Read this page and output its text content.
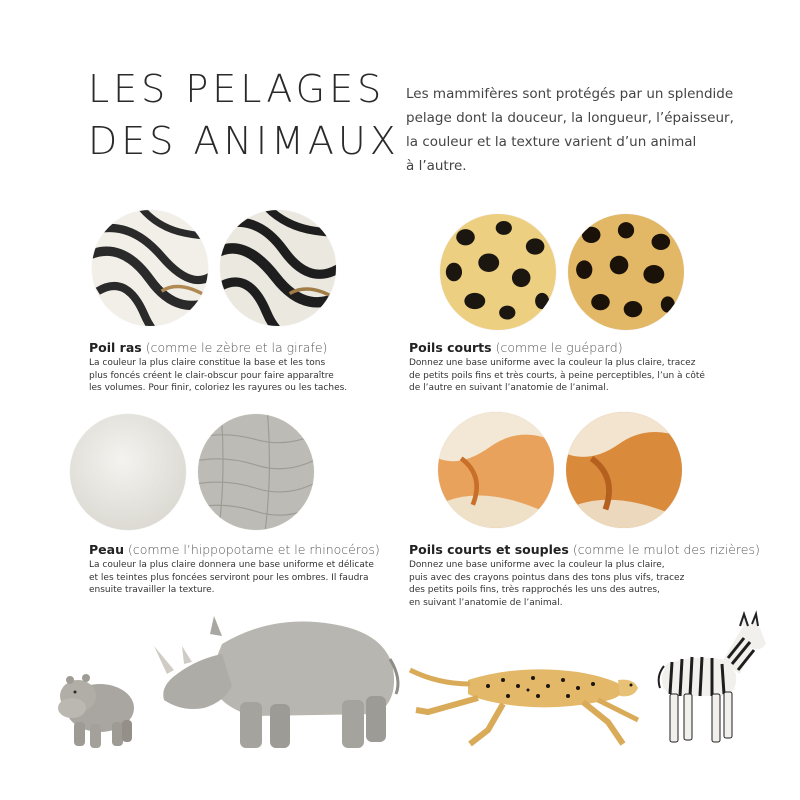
LES PELAGES
DES ANIMAUX
Les mammifères sont protégés par un splendide
pelage dont la douceur, la longueur, l’épaisseur,
la couleur et la texture varient d’un animal
à l’autre.
Poil ras (comme le zèbre et la girafe)
La couleur la plus claire constitue la base et les tons
plus foncés créent le clair-obscur pour faire apparaître
les volumes. Pour finir, coloriez les rayures ou les taches.
Poils courts (comme le guépard)
Donnez une base uniforme avec la couleur la plus claire, tracez
de petits poils fins et très courts, à peine perceptibles, l’un à côté
de l’autre en suivant l’anatomie de l’animal.
Peau (comme l’hippopotame et le rhinocéros)
La couleur la plus claire donnera une base uniforme et délicate
et les teintes plus foncées serviront pour les ombres. Il faudra
ensuite travailler la texture.
Poils courts et souples (comme le mulot des rizières)
Donnez une base uniforme avec la couleur la plus claire,
puis avec des crayons pointus dans des tons plus vifs, tracez
des petits poils fins, très rapprochés les uns des autres,
en suivant l’anatomie de l’animal.
